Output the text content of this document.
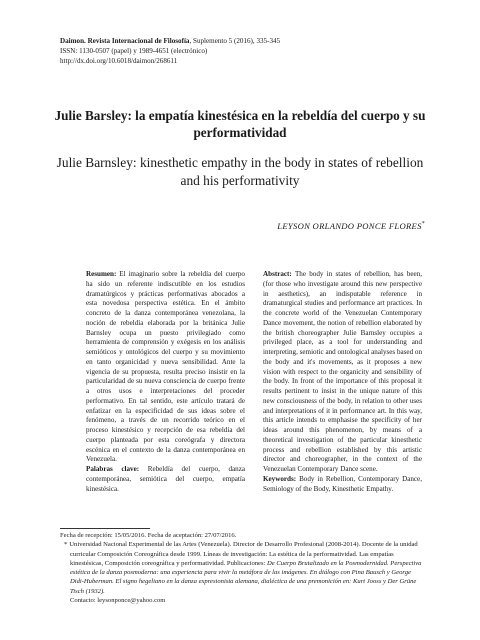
Daimon. Revista Internacional de Filosofía, Suplemento 5 (2016), 335-345
ISSN: 1130-0507 (papel) y 1989-4651 (electrónico)
http://dx.doi.org/10.6018/daimon/268611
Julie Barsley: la empatía kinestésica en la rebeldía del cuerpo y su performatividad
Julie Barnsley: kinesthetic empathy in the body in states of rebellion and his performativity
LEYSON ORLANDO PONCE FLORES*

Resumen: El imaginario sobre la rebeldía del cuerpo ha sido un referente indiscutible en los estudios dramatúrgicos y prácticas performativas abocados a esta novedosa perspectiva estética. En el ámbito concreto de la danza contemporánea venezolana, la noción de rebeldía elaborada por la británica Julie Barnsley ocupa un puesto privilegiado como herramienta de comprensión y exégesis en los análisis semióticos y ontológicos del cuerpo y su movimiento en tanto organicidad y nueva sensibilidad. Ante la vigencia de su propuesta, resulta preciso insistir en la particularidad de su nueva consciencia de cuerpo frente a otros usos e interpretaciones del proceder performativo. En tal sentido, este artículo tratará de enfatizar en la especificidad de sus ideas sobre el fenómeno, a través de un recorrido teórico en el proceso kinestésico y recepción de esa rebeldía del cuerpo planteada por esta coreógrafa y directora escénica en el contexto de la danza contemporánea en Venezuela.

Palabras clave: Rebeldía del cuerpo, danza contemporánea, semiótica del cuerpo, empatía kinestésica.

Abstract: The body in states of rebellion, has been, (for those who investigate around this new perspective in aesthetics), an indisputable reference in dramaturgical studies and performance art practices. In the concrete world of the Venezuelan Contemporary Dance movement, the notion of rebellion elaborated by the british choreographer Julie Barnsley occupies a privileged place, as a tool for understanding and interpreting, semiotic and ontological analyses based on the body and it's movements, as it proposes a new vision with respect to the organicity and sensibility of the body. In front of the importance of this proposal it results pertinent to insist in the unique nature of this new consciousness of the body, in relation to other uses and interpretations of it in performance art. In this way, this article intends to emphasise the specificity of her ideas around this phenomenon, by means of a theoretical investigation of the particular kinesthetic process and rebellion established by this artistic director and choreographer, in the context of the Venezuelan Contemporary Dance scene.

Keywords: Body in Rebellion, Contemporary Dance, Semiology of the Body, Kinesthetic Empathy.

Fecha de recepción: 15/05/2016. Fecha de aceptación: 27/07/2016.

* Universidad Nacional Experimental de las Artes (Venezuela). Director de Desarrollo Profesional (2008-2014). Docente de la unidad curricular Composición Coreográfica desde 1999. Líneas de investigación: La estética de la performatividad. Las empatías kinestésicas, Composición coreográfica y performatividad. Publicaciones: De Cuerpo Brutalizado en la Posmodernidad. Perspectiva estética de la danza posmoderna: una experiencia para vivir la metáfora de las imágenes. En diálogo con Pina Bausch y George Didi-Huberman. El signo hegeliano en la danza expresionista alemana, dialéctica de una premonición en: Kurt Jooss y Der Grüne Tisch (1932).

Contacto: leysonponce@yahoo.com
